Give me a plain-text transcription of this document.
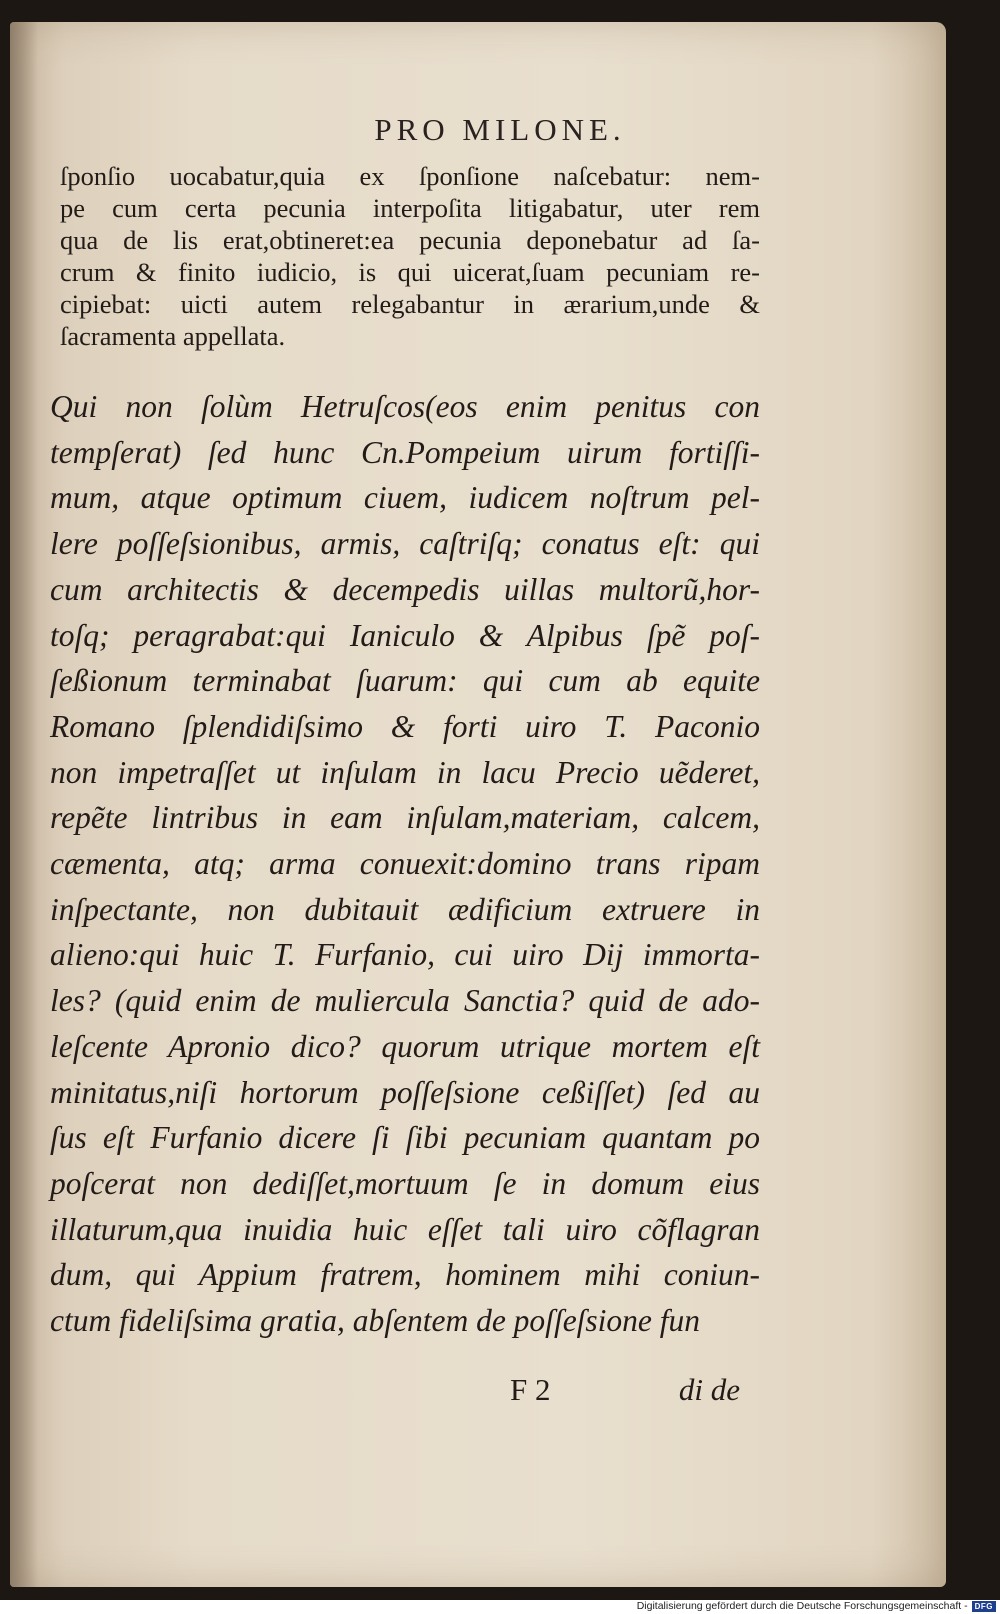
PRO MILONE.
ſponſio uocabatur,quia ex ſponſione naſcebatur: nem-
pe cum certa pecunia interpoſita litigabatur, uter rem
qua de lis erat,obtineret:ea pecunia deponebatur ad ſa-
crum & finito iudicio, is qui uicerat,ſuam pecuniam re-
cipiebat: uicti autem relegabantur in ærarium,unde &
ſacramenta appellata.
Qui non ſolùm Hetruſcos(eos enim penitus con
tempſerat) ſed hunc Cn.Pompeium uirum fortiſſi-
mum, atque optimum ciuem, iudicem noſtrum pel-
lere poſſeſsionibus, armis, caſtriſq; conatus eſt: qui
cum architectis & decempedis uillas multorũ,hor-
toſq; peragrabat:qui Ianiculo & Alpibus ſpẽ poſ-
ſeßionum terminabat ſuarum: qui cum ab equite
Romano ſplendidiſsimo & forti uiro T. Paconio
non impetraſſet ut inſulam in lacu Precio uẽderet,
repẽte lintribus in eam inſulam,materiam, calcem,
cæmenta, atq; arma conuexit:domino trans ripam
inſpectante, non dubitauit ædificium extruere in
alieno:qui huic T. Furfanio, cui uiro Dij immorta-
les? (quid enim de muliercula Sanctia? quid de ado-
leſcente Apronio dico? quorum utrique mortem eſt
minitatus,niſi hortorum poſſeſsione ceßiſſet) ſed au
ſus eſt Furfanio dicere ſi ſibi pecuniam quantam po
poſcerat non dediſſet,mortuum ſe in domum eius
illaturum,qua inuidia huic eſſet tali uiro cõflagran
dum, qui Appium fratrem, hominem mihi coniun-
ctum fideliſsima gratia, abſentem de poſſeſsione fun
F 2	di de
Digitalisierung gefördert durch die Deutsche Forschungsgemeinschaft - DFG
